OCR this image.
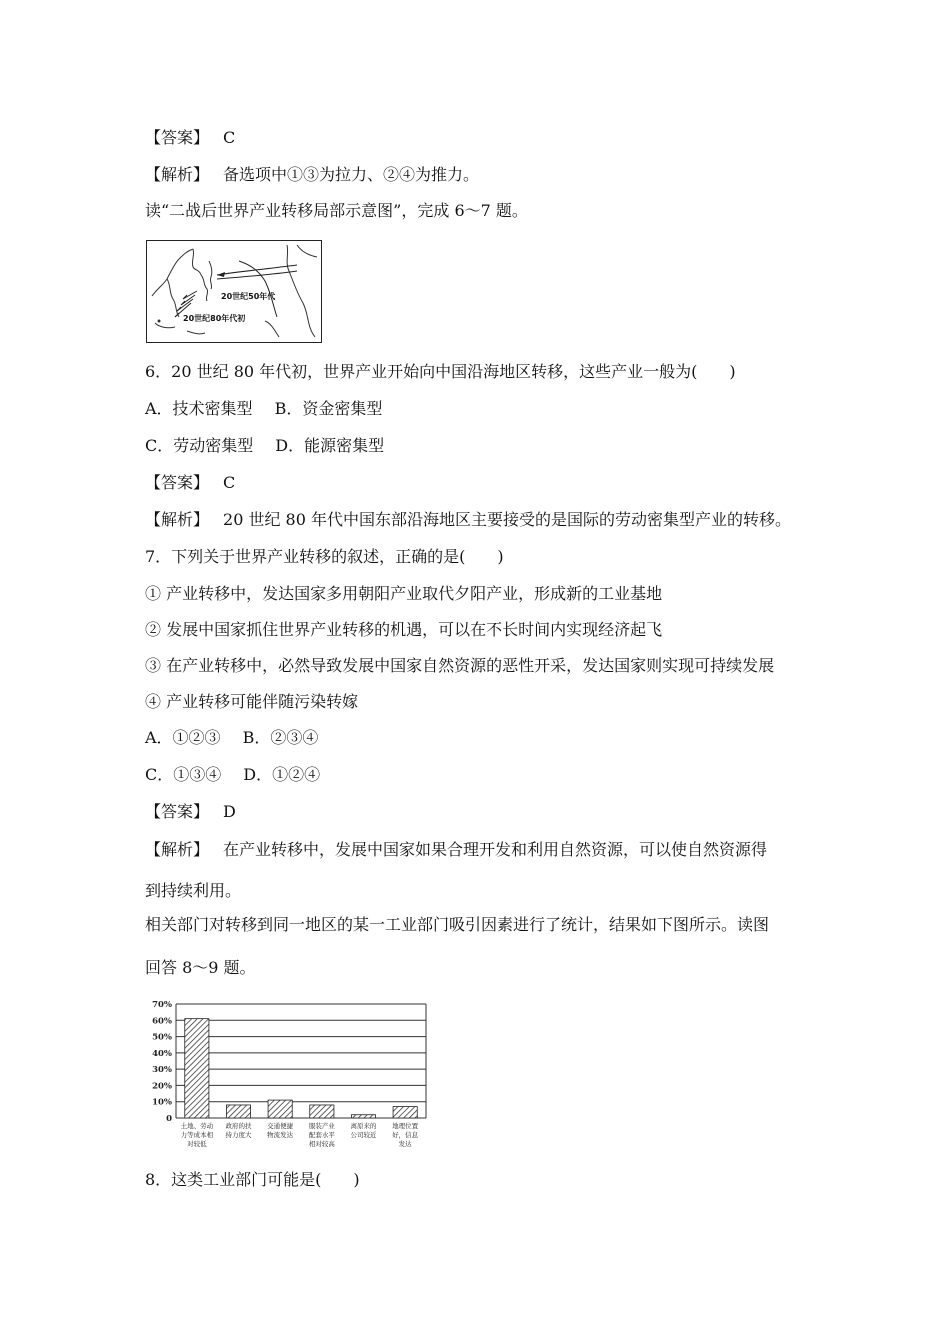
【答案】 C
【解析】 备选项中①③为拉力、②④为推力。
读“二战后世界产业转移局部示意图”，完成 6～7 题。
6．20 世纪 80 年代初，世界产业开始向中国沿海地区转移，这些产业一般为(　　)
A．技术密集型 B．资金密集型
C．劳动密集型 D．能源密集型
【答案】 C
【解析】 20 世纪 80 年代中国东部沿海地区主要接受的是国际的劳动密集型产业的转移。
7．下列关于世界产业转移的叙述，正确的是(　　)
① 产业转移中，发达国家多用朝阳产业取代夕阳产业，形成新的工业基地
② 发展中国家抓住世界产业转移的机遇，可以在不长时间内实现经济起飞
③ 在产业转移中，必然导致发展中国家自然资源的恶性开采，发达国家则实现可持续发展
④ 产业转移可能伴随污染转嫁
A．①②③ B．②③④
C．①③④ D．①②④
【答案】 D
【解析】 在产业转移中，发展中国家如果合理开发和利用自然资源，可以使自然资源得
到持续利用。
相关部门对转移到同一地区的某一工业部门吸引因素进行了统计，结果如下图所示。读图
回答 8～9 题。
8．这类工业部门可能是(　　)
20世纪50年代
20世纪80年代初
0
10%
20%
30%
40%
50%
60%
70%
土地、劳动
力等成本相
对较低
政府的扶
持力度大
交通便捷
物流发达
服装产业
配套水平
相对较高
离原来的
公司较近
地理位置
好，信息
发达
